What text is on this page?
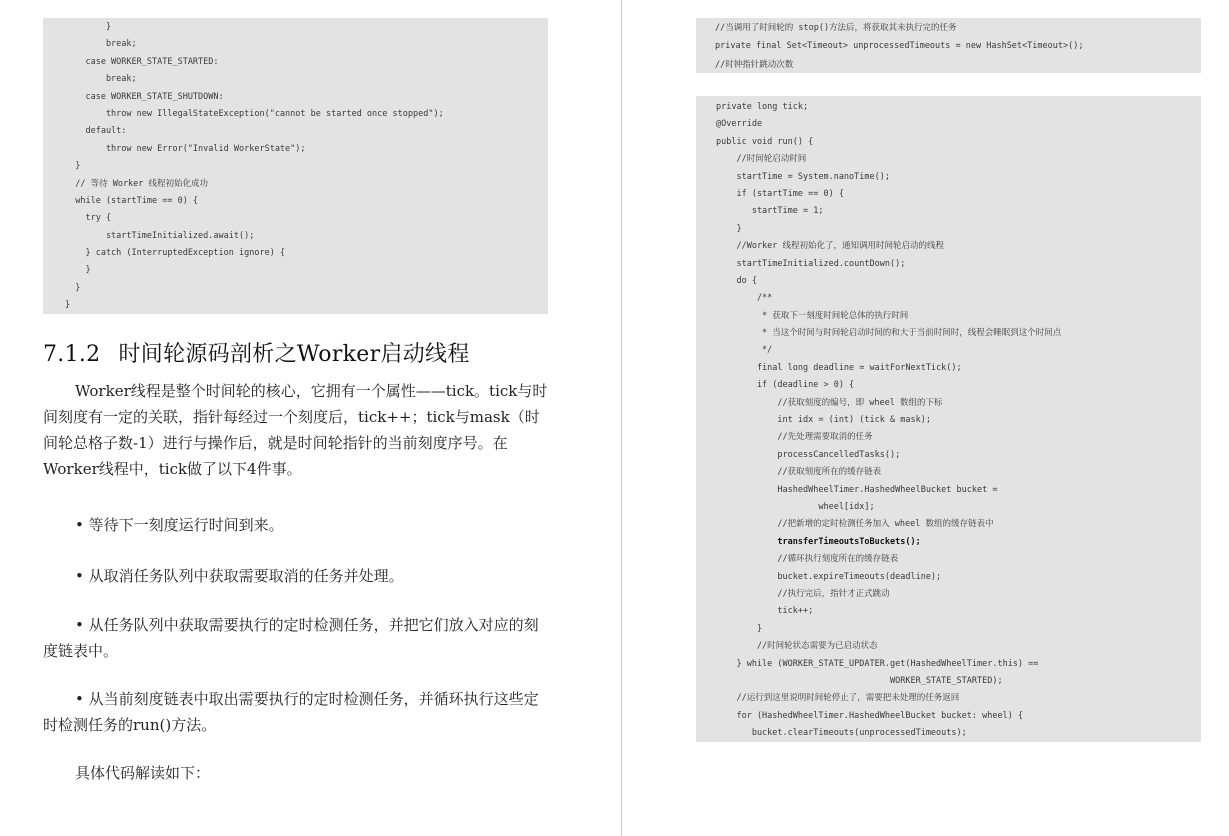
}
break;
case WORKER_STATE_STARTED:
break;
case WORKER_STATE_SHUTDOWN:
throw new IllegalStateException("cannot be started once stopped");
default:
throw new Error("Invalid WorkerState");
}
// 等待 Worker 线程初始化成功
while (startTime == 0) {
try {
startTimeInitialized.await();
} catch (InterruptedException ignore) {
}
}
}
7.1.2 时间轮源码剖析之Worker启动线程

Worker线程是整个时间轮的核心，它拥有一个属性——tick。tick与时间刻度有一定的关联，指针每经过一个刻度后，tick++；tick与mask（时间轮总格子数-1）进行与操作后，就是时间轮指针的当前刻度序号。在Worker线程中，tick做了以下4件事。

• 等待下一刻度运行时间到来。

• 从取消任务队列中获取需要取消的任务并处理。

• 从任务队列中获取需要执行的定时检测任务，并把它们放入对应的刻度链表中。

• 从当前刻度链表中取出需要执行的定时检测任务，并循环执行这些定时检测任务的run()方法。

具体代码解读如下：

//当调用了时间轮的 stop()方法后，将获取其未执行完的任务
private final Set<Timeout> unprocessedTimeouts = new HashSet<Timeout>();
//时钟指针跳动次数
private long tick;
@Override
public void run() {
//时间轮启动时间
startTime = System.nanoTime();
if (startTime == 0) {
startTime = 1;
}
//Worker 线程初始化了，通知调用时间轮启动的线程
startTimeInitialized.countDown();
do {
/**
* 获取下一刻度时间轮总体的执行时间
* 当这个时间与时间轮启动时间的和大于当前时间时，线程会睡眠到这个时间点
*/
final long deadline = waitForNextTick();
if (deadline > 0) {
//获取刻度的编号，即 wheel 数组的下标
int idx = (int) (tick & mask);
//先处理需要取消的任务
processCancelledTasks();
//获取刻度所在的缓存链表
HashedWheelTimer.HashedWheelBucket bucket =
wheel[idx];
//把新增的定时检测任务加入 wheel 数组的缓存链表中
transferTimeoutsToBuckets();
//循环执行刻度所在的缓存链表
bucket.expireTimeouts(deadline);
//执行完后，指针才正式跳动
tick++;
}
//时间轮状态需要为已启动状态
} while (WORKER_STATE_UPDATER.get(HashedWheelTimer.this) ==
WORKER_STATE_STARTED);
//运行到这里说明时间轮停止了，需要把未处理的任务返回
for (HashedWheelTimer.HashedWheelBucket bucket: wheel) {
bucket.clearTimeouts(unprocessedTimeouts);
